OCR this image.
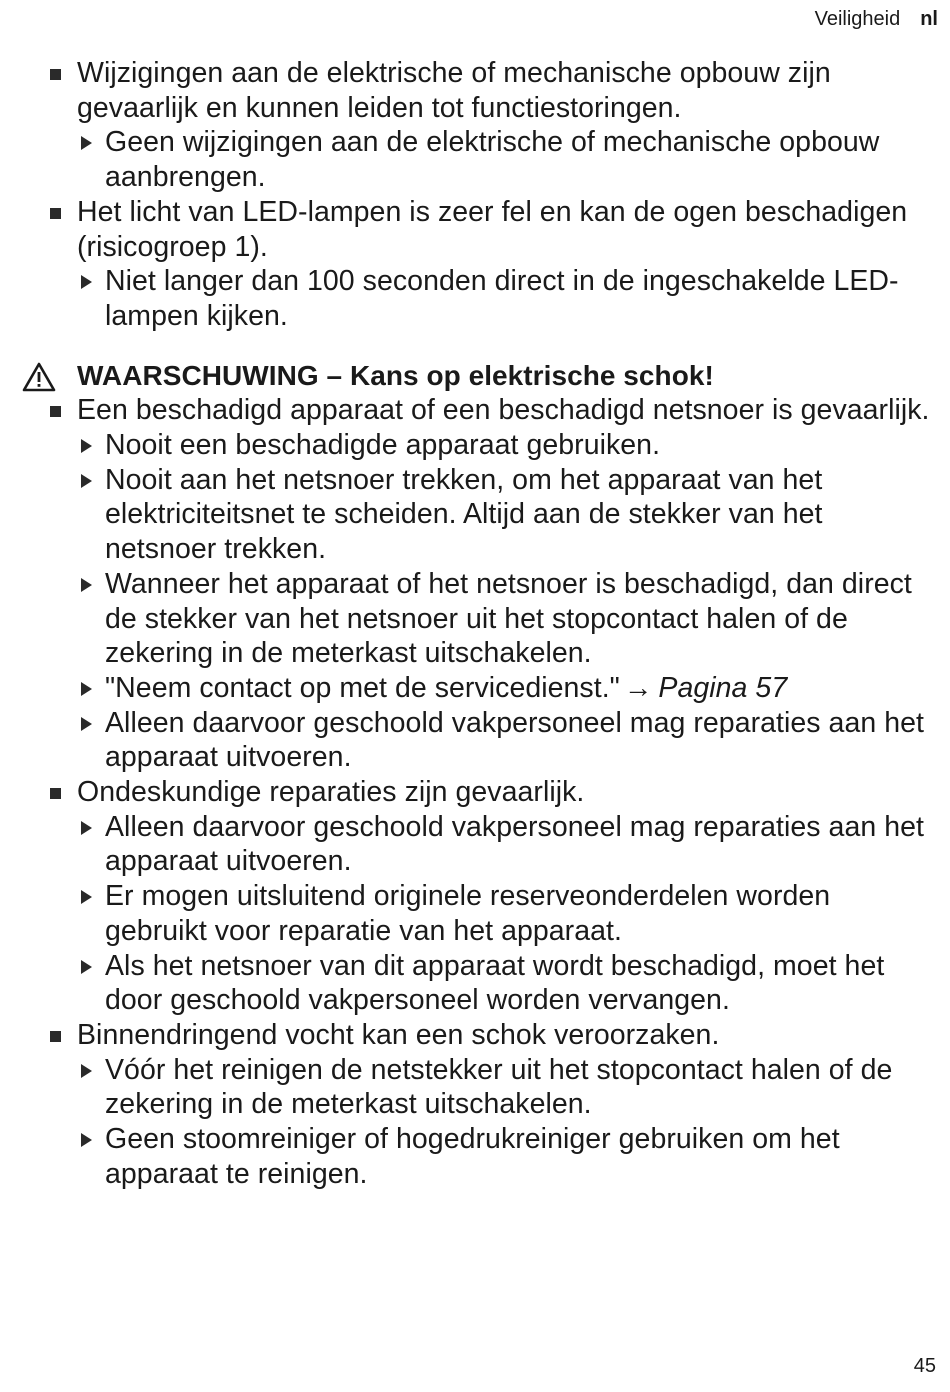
Veiligheid nl
Wijzigingen aan de elektrische of mechanische opbouw zijn gevaarlijk en kunnen leiden tot functiestoringen.
Geen wijzigingen aan de elektrische of mechanische opbouw aanbrengen.
Het licht van LED-lampen is zeer fel en kan de ogen beschadigen (risicogroep 1).
Niet langer dan 100 seconden direct in de ingeschakelde LED-lampen kijken.
WAARSCHUWING – Kans op elektrische schok!
Een beschadigd apparaat of een beschadigd netsnoer is gevaarlijk.
Nooit een beschadigde apparaat gebruiken.
Nooit aan het netsnoer trekken, om het apparaat van het elektriciteitsnet te scheiden. Altijd aan de stekker van het netsnoer trekken.
Wanneer het apparaat of het netsnoer is beschadigd, dan direct de stekker van het netsnoer uit het stopcontact halen of de zekering in de meterkast uitschakelen.
"Neem contact op met de servicedienst." → Pagina 57
Alleen daarvoor geschoold vakpersoneel mag reparaties aan het apparaat uitvoeren.
Ondeskundige reparaties zijn gevaarlijk.
Alleen daarvoor geschoold vakpersoneel mag reparaties aan het apparaat uitvoeren.
Er mogen uitsluitend originele reserveonderdelen worden gebruikt voor reparatie van het apparaat.
Als het netsnoer van dit apparaat wordt beschadigd, moet het door geschoold vakpersoneel worden vervangen.
Binnendringend vocht kan een schok veroorzaken.
Vóór het reinigen de netstekker uit het stopcontact halen of de zekering in de meterkast uitschakelen.
Geen stoomreiniger of hogedrukreiniger gebruiken om het apparaat te reinigen.
45
